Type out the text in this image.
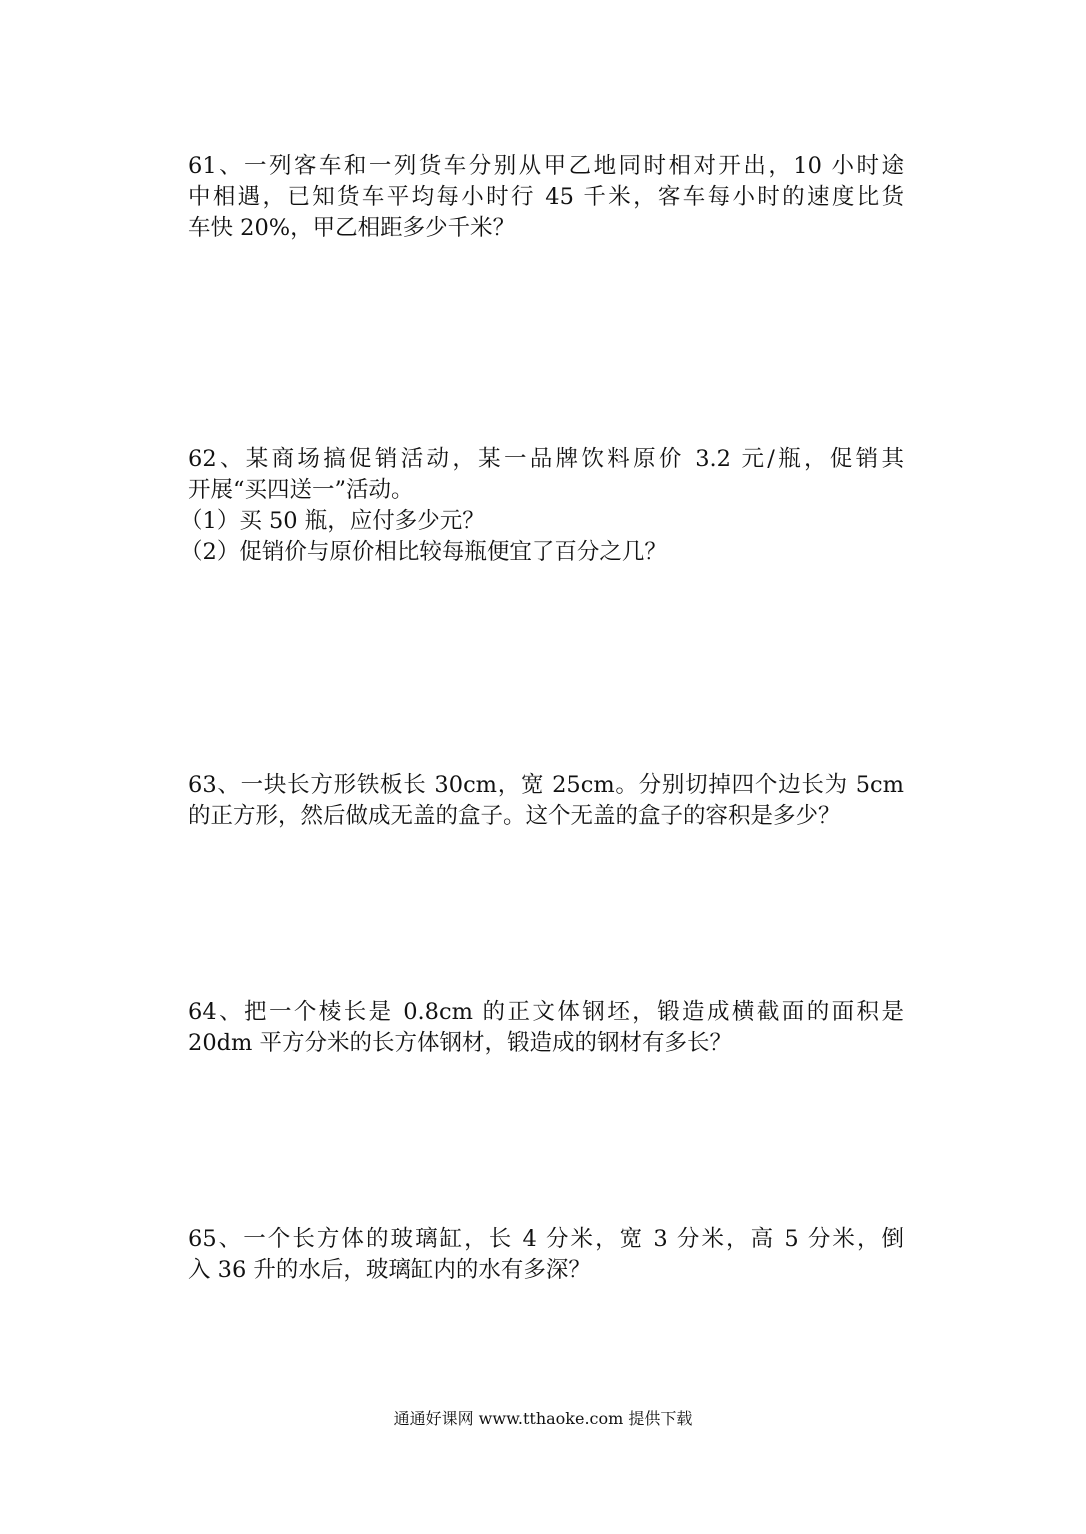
61、一列客车和一列货车分别从甲乙地同时相对开出，10 小时途
中相遇，已知货车平均每小时行 45 千米，客车每小时的速度比货
车快 20%，甲乙相距多少千米？
62、某商场搞促销活动，某一品牌饮料原价 3.2 元/瓶，促销其
开展“买四送一”活动。
（1）买 50 瓶，应付多少元？
（2）促销价与原价相比较每瓶便宜了百分之几？
63、一块长方形铁板长 30cm，宽 25cm。分别切掉四个边长为 5cm
的正方形，然后做成无盖的盒子。这个无盖的盒子的容积是多少？
64、把一个棱长是 0.8cm 的正文体钢坯，锻造成横截面的面积是
20dm 平方分米的长方体钢材，锻造成的钢材有多长？
65、一个长方体的玻璃缸，长 4 分米，宽 3 分米，高 5 分米，倒
入 36 升的水后，玻璃缸内的水有多深？
通通好课网 www.tthaoke.com 提供下载
